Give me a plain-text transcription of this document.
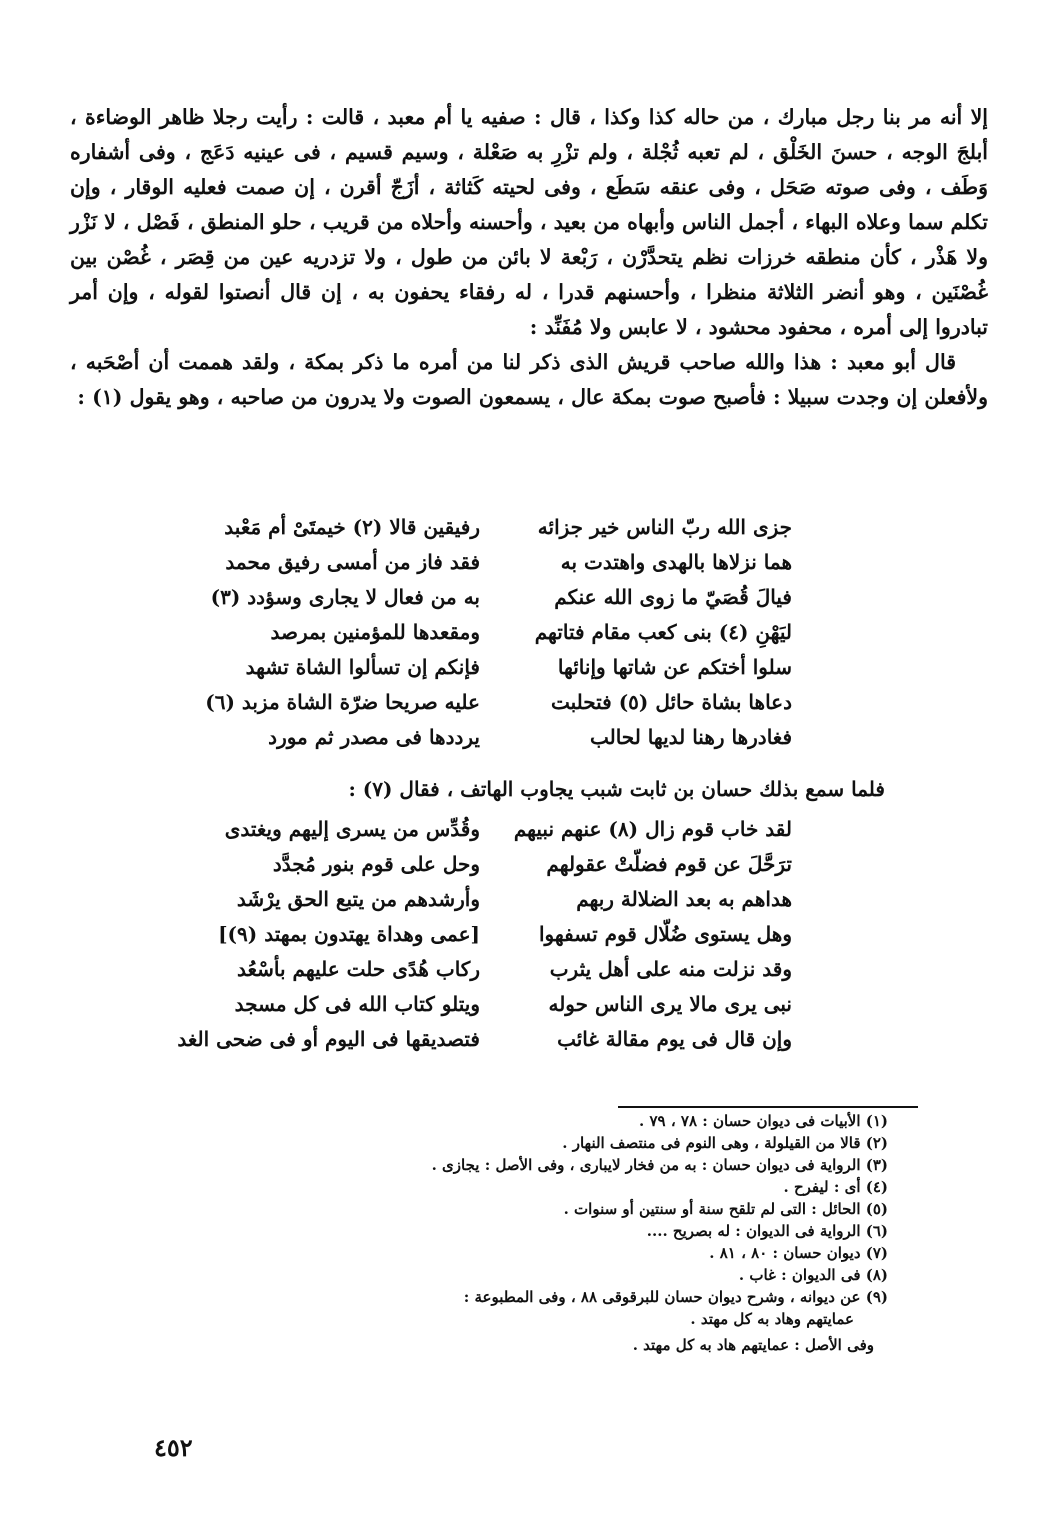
إلا أنه مر بنا رجل مبارك ، من حاله كذا وكذا ، قال : صفيه يا أم معبد ، قالت : رأيت رجلا ظاهر الوضاءة ، أبلجَ الوجه ، حسنَ الخَلْق ، لم تعبه ثُجْلة ، ولم تزْرِ به صَعْلة ، وسيم قسيم ، فى عينيه دَعَج ، وفى أشفاره وَطَف ، وفى صوته صَحَل ، وفى عنقه سَطَع ، وفى لحيته كَثاثة ، أزَجّ أقرن ، إن صمت فعليه الوقار ، وإن تكلم سما وعلاه البهاء ، أجمل الناس وأبهاه من بعيد ، وأحسنه وأحلاه من قريب ، حلو المنطق ، فَصْل ، لا نَزْر ولا هَذْر ، كأن منطقه خرزات نظم يتحدَّرْن ، رَبْعة لا بائن من طول ، ولا تزدريه عين من قِصَر ، غُصْن بين غُصْنَين ، وهو أنضر الثلاثة منظرا ، وأحسنهم قدرا ، له رفقاء يحفون به ، إن قال أنصتوا لقوله ، وإن أمر تبادروا إلى أمره ، محفود محشود ، لا عابس ولا مُفَنِّد :

قال أبو معبد : هذا والله صاحب قريش الذى ذكر لنا من أمره ما ذكر بمكة ، ولقد هممت أن أصْحَبه ، ولأفعلن إن وجدت سبيلا : فأصبح صوت بمكة عال ، يسمعون الصوت ولا يدرون من صاحبه ، وهو يقول (١) :

جزى الله ربّ الناس خير جزائه
رفيقين قالا (٢) خيمتَىْ أم مَعْبد
هما نزلاها بالهدى واهتدت به
فقد فاز من أمسى رفيق محمد
فيالَ قُصَيّ ما زوى الله عنكم
به من فعال لا يجارى وسؤدد (٣)
ليَهْنِ (٤) بنى كعب مقام فتاتهم
ومقعدها للمؤمنين بمرصد
سلوا أختكم عن شاتها وإنائها
فإنكم إن تسألوا الشاة تشهد
دعاها بشاة حائل (٥) فتحلبت
عليه صريحا ضرّة الشاة مزبد (٦)
فغادرها رهنا لديها لحالب
يرددها فى مصدر ثم مورد
فلما سمع بذلك حسان بن ثابت شبب يجاوب الهاتف ، فقال (٧) :
لقد خاب قوم زال (٨) عنهم نبيهم
وقُدِّس من يسرى إليهم ويغتدى
ترَحَّلَ عن قوم فضلّتْ عقولهم
وحل على قوم بنور مُجدَّد
هداهم به بعد الضلالة ربهم
وأرشدهم من يتبع الحق يرْشَد
وهل يستوى ضُلّال قوم تسفهوا
[عمى وهداة يهتدون بمهتد (٩)]
وقد نزلت منه على أهل يثرب
ركاب هُدًى حلت عليهم بأسْعُد
نبى يرى مالا يرى الناس حوله
ويتلو كتاب الله فى كل مسجد
وإن قال فى يوم مقالة غائب
فتصديقها فى اليوم أو فى ضحى الغد
(١) الأبيات فى ديوان حسان : ٧٨ ، ٧٩ .
(٢) قالا من القيلولة ، وهى النوم فى منتصف النهار .
(٣) الرواية فى ديوان حسان : به من فخار لايبارى ، وفى الأصل : يجازى .
(٤) أى : ليفرح .
(٥) الحائل : التى لم تلقح سنة أو سنتين أو سنوات .
(٦) الرواية فى الديوان : له بصريح ....
(٧) ديوان حسان : ٨٠ ، ٨١ .
(٨) فى الديوان : غاب .
(٩) عن ديوانه ، وشرح ديوان حسان للبرقوقى ٨٨ ، وفى المطبوعة :
عمايتهم وهاد به كل مهتد .
وفى الأصل : عمايتهم هاد به كل مهتد .
٤٥٢
